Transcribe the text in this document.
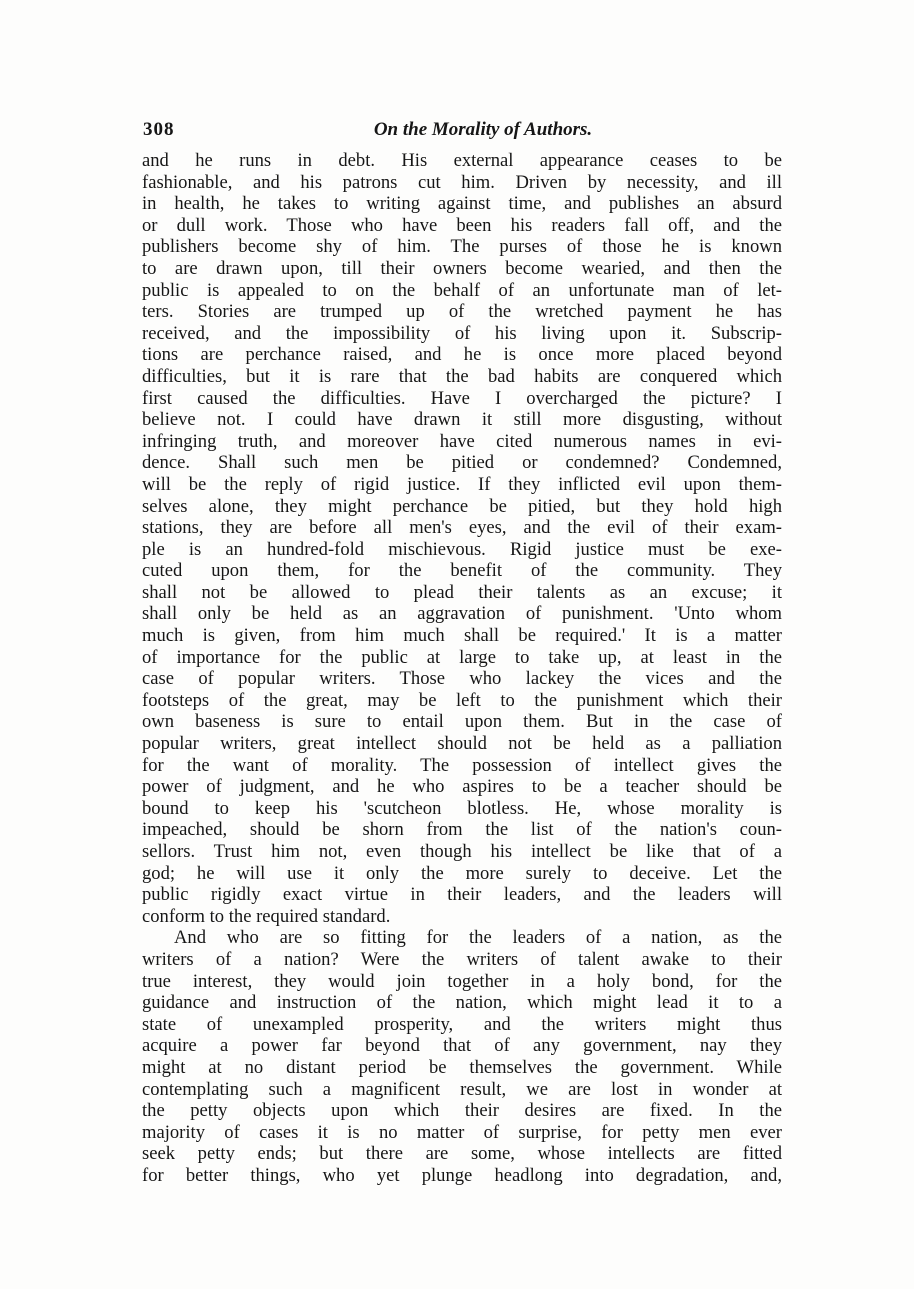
308	On the Morality of Authors.
and he runs in debt. His external appearance ceases to be
fashionable, and his patrons cut him. Driven by necessity, and ill
in health, he takes to writing against time, and publishes an absurd
or dull work. Those who have been his readers fall off, and the
publishers become shy of him. The purses of those he is known
to are drawn upon, till their owners become wearied, and then the
public is appealed to on the behalf of an unfortunate man of let-
ters. Stories are trumped up of the wretched payment he has
received, and the impossibility of his living upon it. Subscrip-
tions are perchance raised, and he is once more placed beyond
difficulties, but it is rare that the bad habits are conquered which
first caused the difficulties. Have I overcharged the picture? I
believe not. I could have drawn it still more disgusting, without
infringing truth, and moreover have cited numerous names in evi-
dence. Shall such men be pitied or condemned? Condemned,
will be the reply of rigid justice. If they inflicted evil upon them-
selves alone, they might perchance be pitied, but they hold high
stations, they are before all men's eyes, and the evil of their exam-
ple is an hundred-fold mischievous. Rigid justice must be exe-
cuted upon them, for the benefit of the community. They
shall not be allowed to plead their talents as an excuse; it
shall only be held as an aggravation of punishment. 'Unto whom
much is given, from him much shall be required.' It is a matter
of importance for the public at large to take up, at least in the
case of popular writers. Those who lackey the vices and the
footsteps of the great, may be left to the punishment which their
own baseness is sure to entail upon them. But in the case of
popular writers, great intellect should not be held as a palliation
for the want of morality. The possession of intellect gives the
power of judgment, and he who aspires to be a teacher should be
bound to keep his 'scutcheon blotless. He, whose morality is
impeached, should be shorn from the list of the nation's coun-
sellors. Trust him not, even though his intellect be like that of a
god; he will use it only the more surely to deceive. Let the
public rigidly exact virtue in their leaders, and the leaders will
conform to the required standard.
And who are so fitting for the leaders of a nation, as the
writers of a nation? Were the writers of talent awake to their
true interest, they would join together in a holy bond, for the
guidance and instruction of the nation, which might lead it to a
state of unexampled prosperity, and the writers might thus
acquire a power far beyond that of any government, nay they
might at no distant period be themselves the government. While
contemplating such a magnificent result, we are lost in wonder at
the petty objects upon which their desires are fixed. In the
majority of cases it is no matter of surprise, for petty men ever
seek petty ends; but there are some, whose intellects are fitted
for better things, who yet plunge headlong into degradation, and,
